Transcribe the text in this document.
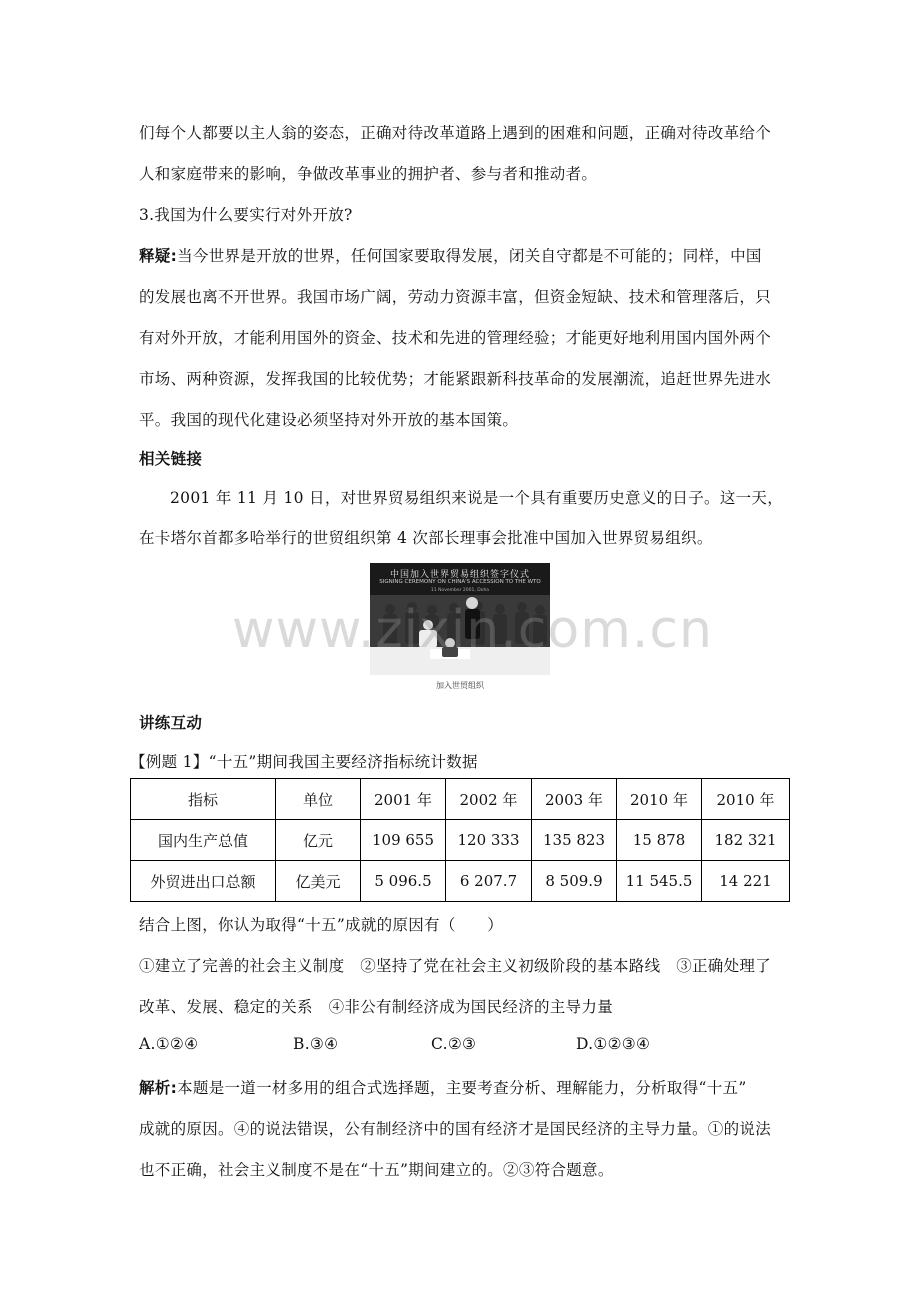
们每个人都要以主人翁的姿态，正确对待改革道路上遇到的困难和问题，正确对待改革给个
人和家庭带来的影响，争做改革事业的拥护者、参与者和推动者。
3.我国为什么要实行对外开放?
释疑:当今世界是开放的世界，任何国家要取得发展，闭关自守都是不可能的；同样，中国
的发展也离不开世界。我国市场广阔，劳动力资源丰富，但资金短缺、技术和管理落后，只
有对外开放，才能利用国外的资金、技术和先进的管理经验；才能更好地利用国内国外两个
市场、两种资源，发挥我国的比较优势；才能紧跟新科技革命的发展潮流，追赶世界先进水
平。我国的现代化建设必须坚持对外开放的基本国策。
相关链接
2001 年 11 月 10 日，对世界贸易组织来说是一个具有重要历史意义的日子。这一天，
在卡塔尔首都多哈举行的世贸组织第 4 次部长理事会批准中国加入世界贸易组织。
中国加入世界贸易组织签字仪式
SIGNING CEREMONY ON CHINA'S ACCESSION TO THE WTO
11 November 2001, Doha
加入世贸组织
www.zixin.com.cn
讲练互动
【例题 1】“十五”期间我国主要经济指标统计数据
指标	单位	2001 年	2002 年	2003 年	2010 年	2010 年
国内生产总值	亿元	109 655	120 333	135 823	15 878	182 321
外贸进出口总额	亿美元	5 096.5	6 207.7	8 509.9	11 545.5	14 221
结合上图，你认为取得“十五”成就的原因有（　　）
①建立了完善的社会主义制度　②坚持了党在社会主义初级阶段的基本路线　③正确处理了
改革、发展、稳定的关系　④非公有制经济成为国民经济的主导力量
A.①②④	B.③④	C.②③	D.①②③④
解析:本题是一道一材多用的组合式选择题，主要考查分析、理解能力，分析取得“十五”
成就的原因。④的说法错误，公有制经济中的国有经济才是国民经济的主导力量。①的说法
也不正确，社会主义制度不是在“十五”期间建立的。②③符合题意。
